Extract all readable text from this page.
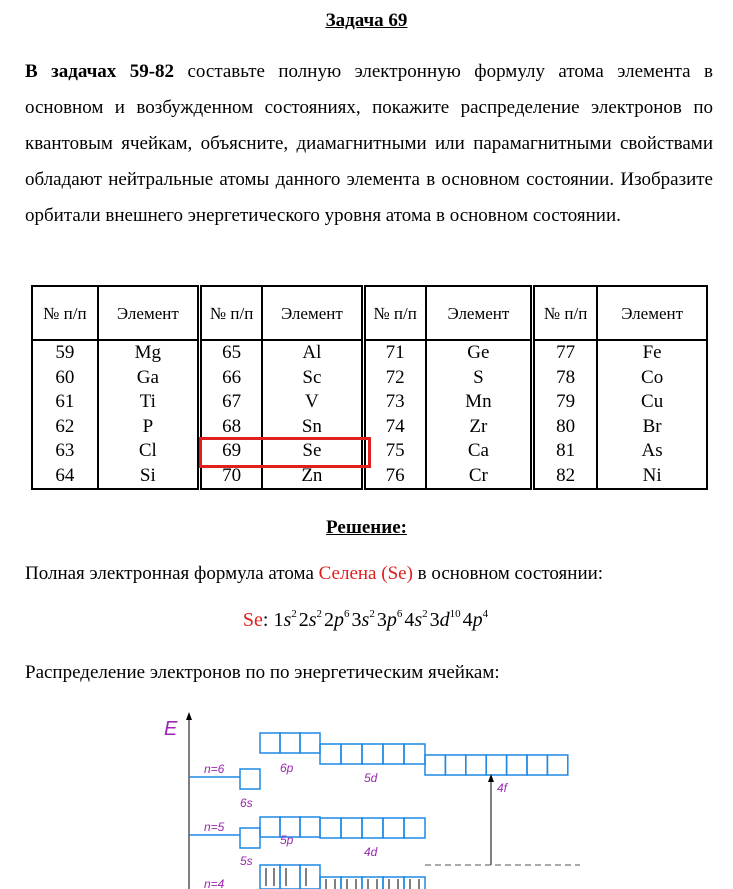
Задача 69

В задачах 59-82 составьте полную электронную формулу атома элемента в основном и возбужденном состояниях, покажите распределение электронов по квантовым ячейкам, объясните, диамагнитными или парамагнитными свойствами обладают нейтральные атомы данного элемента в основном состоянии. Изобразите орбитали внешнего энергетического уровня атома в основном состоянии.

№ п/п	Элемент	№ п/п	Элемент	№ п/п	Элемент	№ п/п	Элемент
59	Mg	65	Al	71	Ge	77	Fe
60	Ga	66	Sc	72	S	78	Co
61	Ti	67	V	73	Mn	79	Cu
62	P	68	Sn	74	Zr	80	Br
63	Cl	69	Se	75	Ca	81	As
64	Si	70	Zn	76	Cr	82	Ni
Решение:
Полная электронная формула атома Селена (Se) в основном состоянии:
Se: $1s^2$ $2s^2$ $2p^6$ $3s^2$ $3p^6$ $4s^2$ $3d^{10}$ $4p^4$
Распределение электронов по по энергетическим ячейкам:
E
n=6
6s
6p
5d
4f
n=5
5s
5p
4d
n=4
